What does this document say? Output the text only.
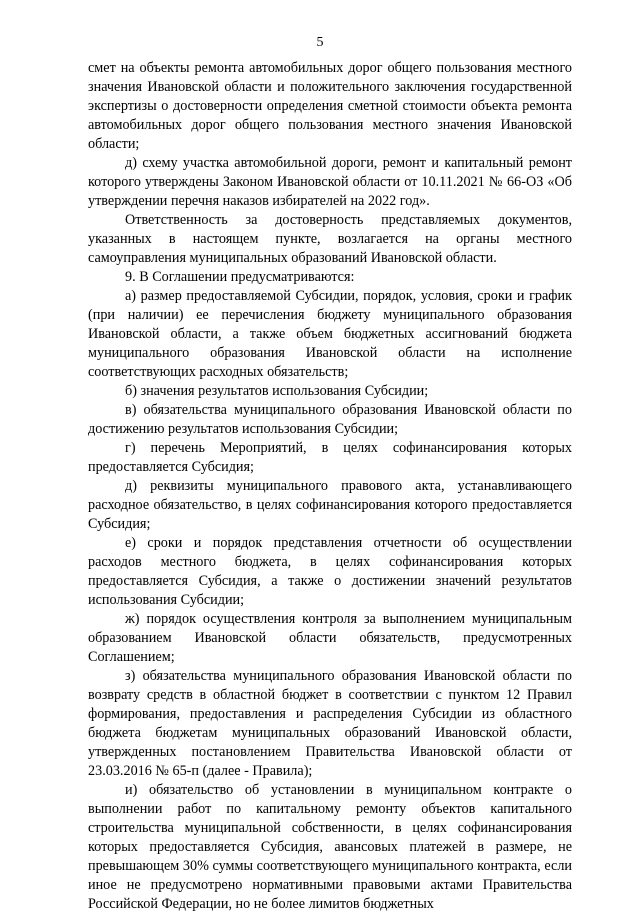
5

смет на объекты ремонта автомобильных дорог общего пользования местного значения Ивановской области и положительного заключения государственной экспертизы о достоверности определения сметной стоимости объекта ремонта автомобильных дорог общего пользования местного значения Ивановской области;

д) схему участка автомобильной дороги, ремонт и капитальный ремонт которого утверждены Законом Ивановской области от 10.11.2021 № 66-ОЗ «Об утверждении перечня наказов избирателей на 2022 год».

Ответственность за достоверность представляемых документов, указанных в настоящем пункте, возлагается на органы местного самоуправления муниципальных образований Ивановской области.

9. В Соглашении предусматриваются:

а) размер предоставляемой Субсидии, порядок, условия, сроки и график (при наличии) ее перечисления бюджету муниципального образования Ивановской области, а также объем бюджетных ассигнований бюджета муниципального образования Ивановской области на исполнение соответствующих расходных обязательств;

б) значения результатов использования Субсидии;

в) обязательства муниципального образования Ивановской области по достижению результатов использования Субсидии;

г) перечень Мероприятий, в целях софинансирования которых предоставляется Субсидия;

д) реквизиты муниципального правового акта, устанавливающего расходное обязательство, в целях софинансирования которого предоставляется Субсидия;

е) сроки и порядок представления отчетности об осуществлении расходов местного бюджета, в целях софинансирования которых предоставляется Субсидия, а также о достижении значений результатов использования Субсидии;

ж) порядок осуществления контроля за выполнением муниципальным образованием Ивановской области обязательств, предусмотренных Соглашением;

з) обязательства муниципального образования Ивановской области по возврату средств в областной бюджет в соответствии с пунктом 12 Правил формирования, предоставления и распределения Субсидии из областного бюджета бюджетам муниципальных образований Ивановской области, утвержденных постановлением Правительства Ивановской области от 23.03.2016 № 65-п (далее - Правила);

и) обязательство об установлении в муниципальном контракте о выполнении работ по капитальному ремонту объектов капитального строительства муниципальной собственности, в целях софинансирования которых предоставляется Субсидия, авансовых платежей в размере, не превышающем 30% суммы соответствующего муниципального контракта, если иное не предусмотрено нормативными правовыми актами Правительства Российской Федерации, но не более лимитов бюджетных
